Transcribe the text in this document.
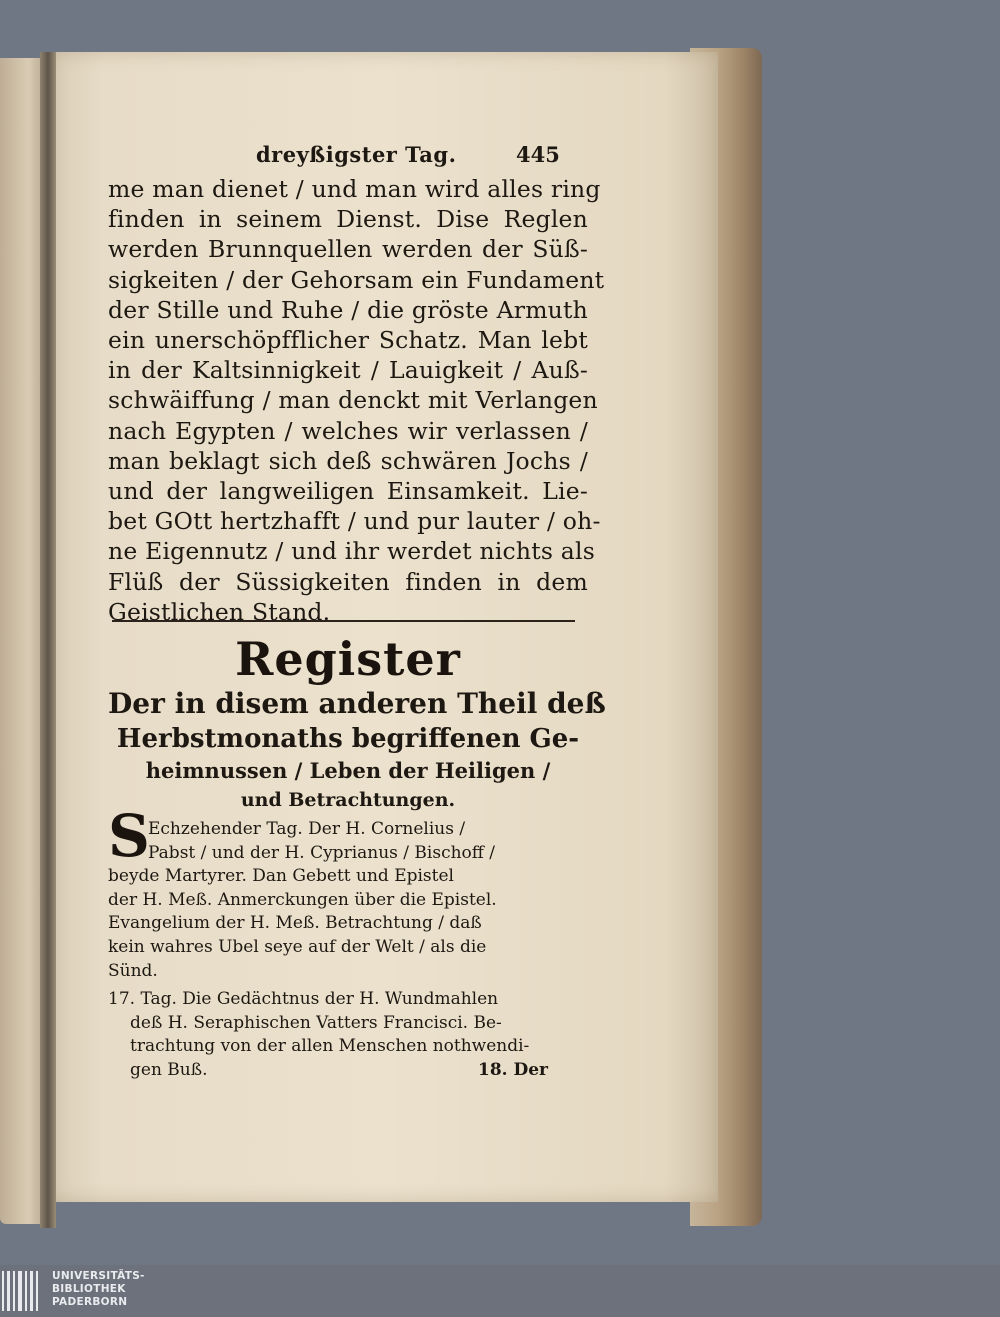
dreyßigster Tag.	445
me man dienet / und man wird alles ring
finden in seinem Dienst. Dise Reglen
werden Brunnquellen werden der Süß-
sigkeiten / der Gehorsam ein Fundament
der Stille und Ruhe / die gröste Armuth
ein unerschöpfflicher Schatz. Man lebt
in der Kaltsinnigkeit / Lauigkeit / Auß-
schwäiffung / man denckt mit Verlangen
nach Egypten / welches wir verlassen /
man beklagt sich deß schwären Jochs /
und der langweiligen Einsamkeit. Lie-
bet GOtt hertzhafft / und pur lauter / oh-
ne Eigennutz / und ihr werdet nichts als
Flüß der Süssigkeiten finden in dem
Geistlichen Stand.
Register
Der in disem anderen Theil deß
Herbstmonaths begriffenen Ge-
heimnussen / Leben der Heiligen /
und Betrachtungen.
S
Echzehender Tag. Der H. Cornelius /
Pabst / und der H. Cyprianus / Bischoff /
beyde Martyrer. Dan Gebett und Epistel
der H. Meß. Anmerckungen über die Epistel.
Evangelium der H. Meß. Betrachtung / daß
kein wahres Ubel seye auf der Welt / als die
Sünd.
17. Tag. Die Gedächtnus der H. Wundmahlen
deß H. Seraphischen Vatters Francisci. Be-
trachtung von der allen Menschen nothwendi-
gen Buß.	18. Der
UNIVERSITÄTS-
BIBLIOTHEK
PADERBORN
